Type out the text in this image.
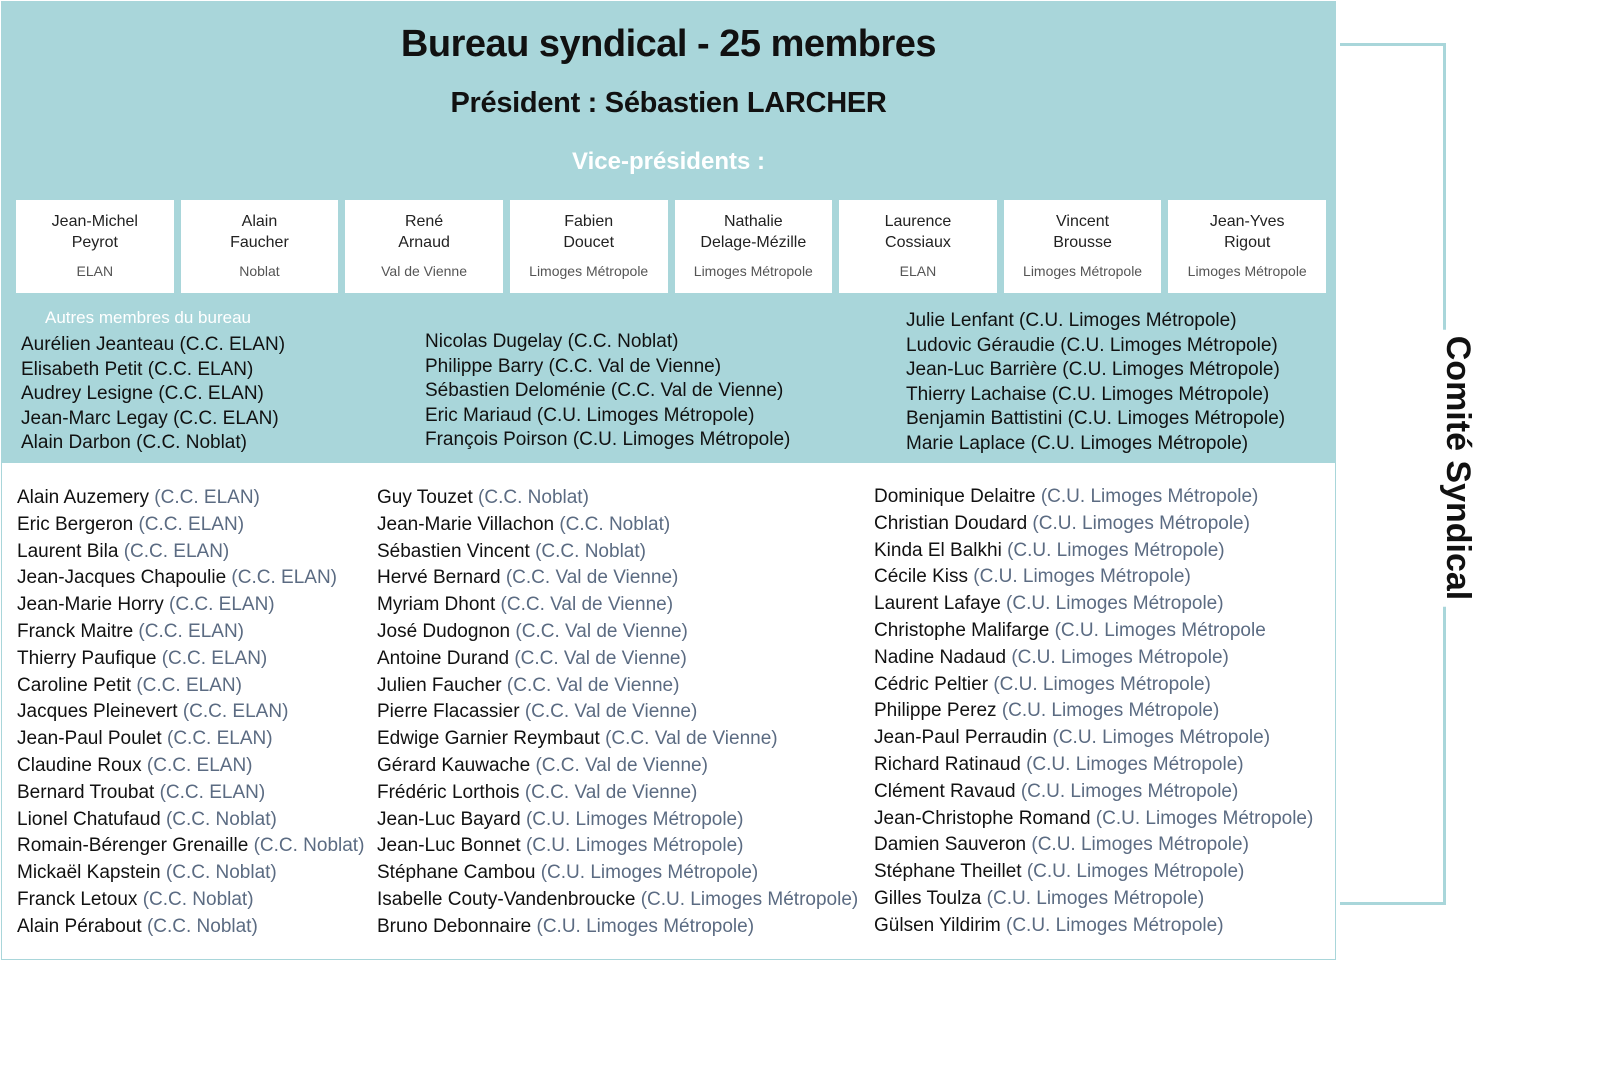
Bureau syndical - 25 membres
Président : Sébastien LARCHER
Vice-présidents :
Jean-Michel
Peyrot
ELAN
Alain
Faucher
Noblat
René
Arnaud
Val de Vienne
Fabien
Doucet
Limoges Métropole
Nathalie
Delage-Mézille
Limoges Métropole
Laurence
Cossiaux
ELAN
Vincent
Brousse
Limoges Métropole
Jean-Yves
Rigout
Limoges Métropole
Autres membres du bureau
Aurélien Jeanteau (C.C. ELAN)
Elisabeth Petit (C.C. ELAN)
Audrey Lesigne (C.C. ELAN)
Jean-Marc Legay (C.C. ELAN)
Alain Darbon (C.C. Noblat)
Nicolas Dugelay (C.C. Noblat)
Philippe Barry (C.C. Val de Vienne)
Sébastien Deloménie (C.C. Val de Vienne)
Eric Mariaud (C.U. Limoges Métropole)
François Poirson (C.U. Limoges Métropole)
Julie Lenfant (C.U. Limoges Métropole)
Ludovic Géraudie (C.U. Limoges Métropole)
Jean-Luc Barrière (C.U. Limoges Métropole)
Thierry Lachaise (C.U. Limoges Métropole)
Benjamin Battistini (C.U. Limoges Métropole)
Marie Laplace (C.U. Limoges Métropole)
Alain Auzemery (C.C. ELAN)
Eric Bergeron (C.C. ELAN)
Laurent Bila (C.C. ELAN)
Jean-Jacques Chapoulie (C.C. ELAN)
Jean-Marie Horry (C.C. ELAN)
Franck Maitre (C.C. ELAN)
Thierry Paufique (C.C. ELAN)
Caroline Petit (C.C. ELAN)
Jacques Pleinevert (C.C. ELAN)
Jean-Paul Poulet (C.C. ELAN)
Claudine Roux (C.C. ELAN)
Bernard Troubat (C.C. ELAN)
Lionel Chatufaud (C.C. Noblat)
Romain-Bérenger Grenaille (C.C. Noblat)
Mickaël Kapstein (C.C. Noblat)
Franck Letoux (C.C. Noblat)
Alain Pérabout (C.C. Noblat)
Guy Touzet (C.C. Noblat)
Jean-Marie Villachon (C.C. Noblat)
Sébastien Vincent (C.C. Noblat)
Hervé Bernard (C.C. Val de Vienne)
Myriam Dhont (C.C. Val de Vienne)
José Dudognon (C.C. Val de Vienne)
Antoine Durand (C.C. Val de Vienne)
Julien Faucher (C.C. Val de Vienne)
Pierre Flacassier (C.C. Val de Vienne)
Edwige Garnier Reymbaut (C.C. Val de Vienne)
Gérard Kauwache (C.C. Val de Vienne)
Frédéric Lorthois (C.C. Val de Vienne)
Jean-Luc Bayard (C.U. Limoges Métropole)
Jean-Luc Bonnet (C.U. Limoges Métropole)
Stéphane Cambou (C.U. Limoges Métropole)
Isabelle Couty-Vandenbroucke (C.U. Limoges Métropole)
Bruno Debonnaire (C.U. Limoges Métropole)
Dominique Delaitre (C.U. Limoges Métropole)
Christian Doudard (C.U. Limoges Métropole)
Kinda El Balkhi (C.U. Limoges Métropole)
Cécile Kiss (C.U. Limoges Métropole)
Laurent Lafaye (C.U. Limoges Métropole)
Christophe Malifarge (C.U. Limoges Métropole
Nadine Nadaud (C.U. Limoges Métropole)
Cédric Peltier (C.U. Limoges Métropole)
Philippe Perez (C.U. Limoges Métropole)
Jean-Paul Perraudin (C.U. Limoges Métropole)
Richard Ratinaud (C.U. Limoges Métropole)
Clément Ravaud (C.U. Limoges Métropole)
Jean-Christophe Romand (C.U. Limoges Métropole)
Damien Sauveron (C.U. Limoges Métropole)
Stéphane Theillet (C.U. Limoges Métropole)
Gilles Toulza (C.U. Limoges Métropole)
Gülsen Yildirim (C.U. Limoges Métropole)
Comité Syndical
